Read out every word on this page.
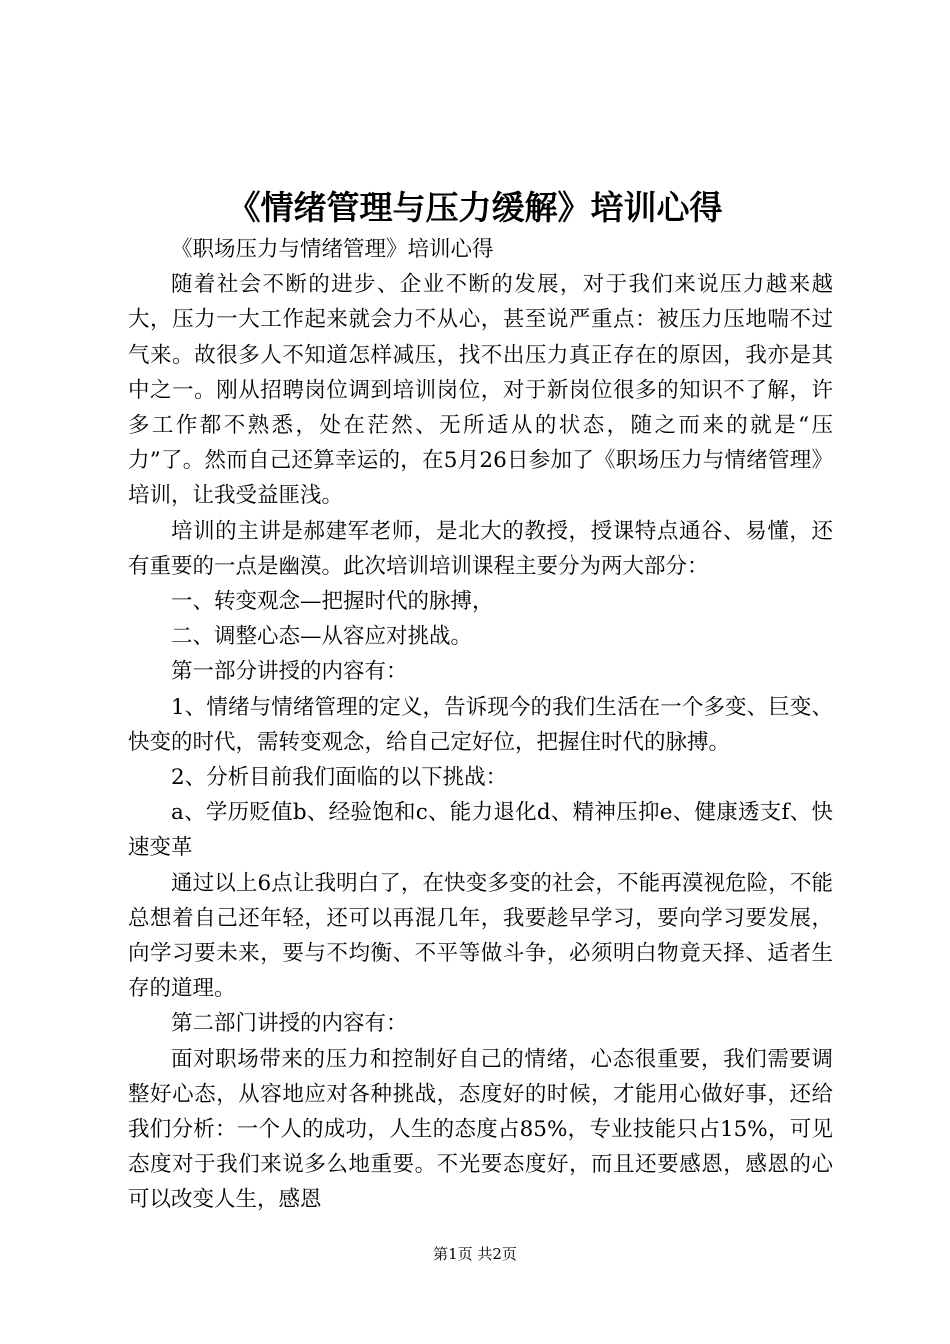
《情绪管理与压力缓解》培训心得

《职场压力与情绪管理》培训心得

随着社会不断的进步、企业不断的发展，对于我们来说压力越来越大，压力一大工作起来就会力不从心，甚至说严重点：被压力压地喘不过气来。故很多人不知道怎样减压，找不出压力真正存在的原因，我亦是其中之一。刚从招聘岗位调到培训岗位，对于新岗位很多的知识不了解，许多工作都不熟悉，处在茫然、无所适从的状态，随之而来的就是“压力”了。然而自己还算幸运的，在5月26日参加了《职场压力与情绪管理》培训，让我受益匪浅。

培训的主讲是郝建军老师，是北大的教授，授课特点通谷、易懂，还有重要的一点是幽漠。此次培训培训课程主要分为两大部分：

一、转变观念—把握时代的脉搏，

二、调整心态—从容应对挑战。

第一部分讲授的内容有：

1、情绪与情绪管理的定义，告诉现今的我们生活在一个多变、巨变、快变的时代，需转变观念，给自己定好位，把握住时代的脉搏。

2、分析目前我们面临的以下挑战：

a、学历贬值b、经验饱和c、能力退化d、精神压抑e、健康透支f、快速变革

通过以上6点让我明白了，在快变多变的社会，不能再漠视危险，不能总想着自己还年轻，还可以再混几年，我要趁早学习，要向学习要发展，向学习要未来，要与不均衡、不平等做斗争，必须明白物竟天择、适者生存的道理。

第二部门讲授的内容有：

面对职场带来的压力和控制好自己的情绪，心态很重要，我们需要调整好心态，从容地应对各种挑战，态度好的时候，才能用心做好事，还给我们分析：一个人的成功，人生的态度占85%，专业技能只占15%，可见态度对于我们来说多么地重要。不光要态度好，而且还要感恩，感恩的心可以改变人生，感恩

第1页 共2页
